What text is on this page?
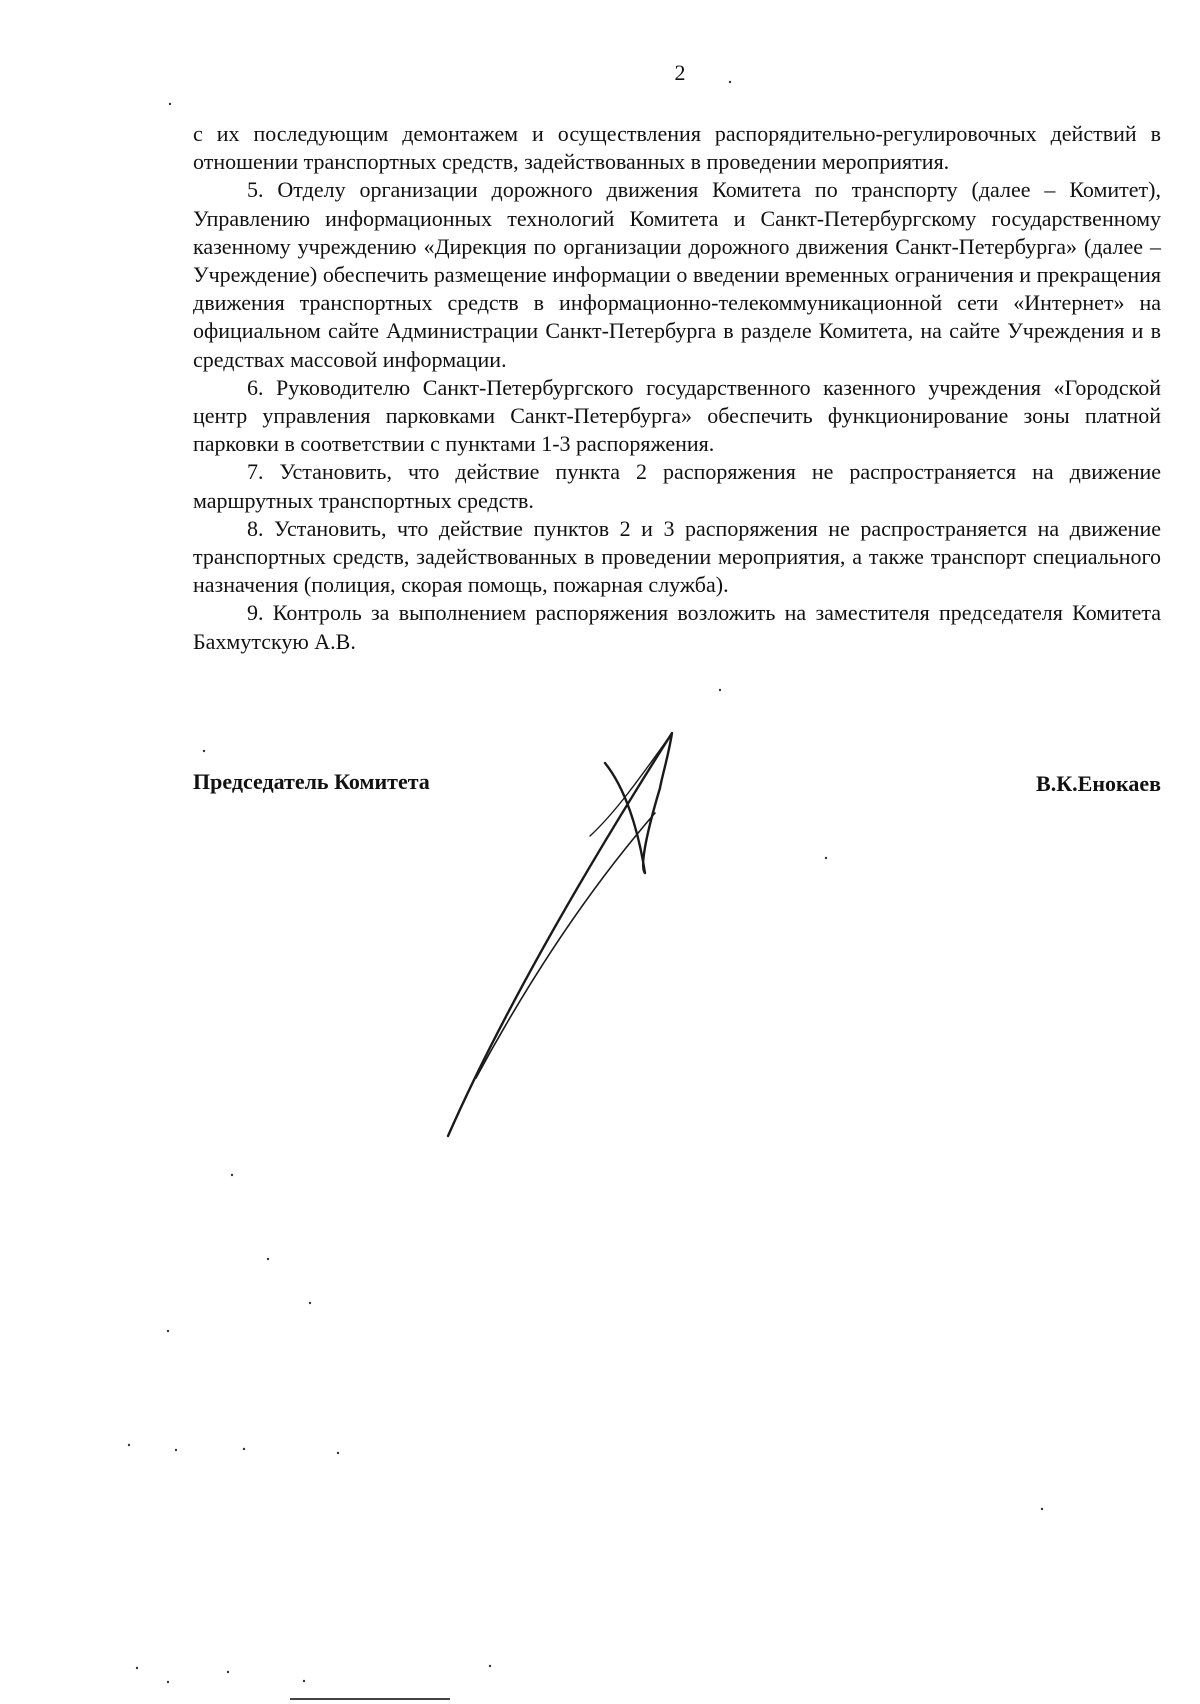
2

с их последующим демонтажем и осуществления распорядительно-регулировочных действий в отношении транспортных средств, задействованных в проведении мероприятия.

5. Отделу организации дорожного движения Комитета по транспорту (далее – Комитет), Управлению информационных технологий Комитета и Санкт-Петербургскому государственному казенному учреждению «Дирекция по организации дорожного движения Санкт-Петербурга» (далее – Учреждение) обеспечить размещение информации о введении временных ограничения и прекращения движения транспортных средств в информационно-телекоммуникационной сети «Интернет» на официальном сайте Администрации Санкт-Петербурга в разделе Комитета, на сайте Учреждения и в средствах массовой информации.

6. Руководителю Санкт-Петербургского государственного казенного учреждения «Городской центр управления парковками Санкт-Петербурга» обеспечить функционирование зоны платной парковки в соответствии с пунктами 1-3 распоряжения.

7. Установить, что действие пункта 2 распоряжения не распространяется на движение маршрутных транспортных средств.

8. Установить, что действие пунктов 2 и 3 распоряжения не распространяется на движение транспортных средств, задействованных в проведении мероприятия, а также транспорт специального назначения (полиция, скорая помощь, пожарная служба).

9. Контроль за выполнением распоряжения возложить на заместителя председателя Комитета Бахмутскую А.В.

Председатель Комитета	В.К.Енокаев
